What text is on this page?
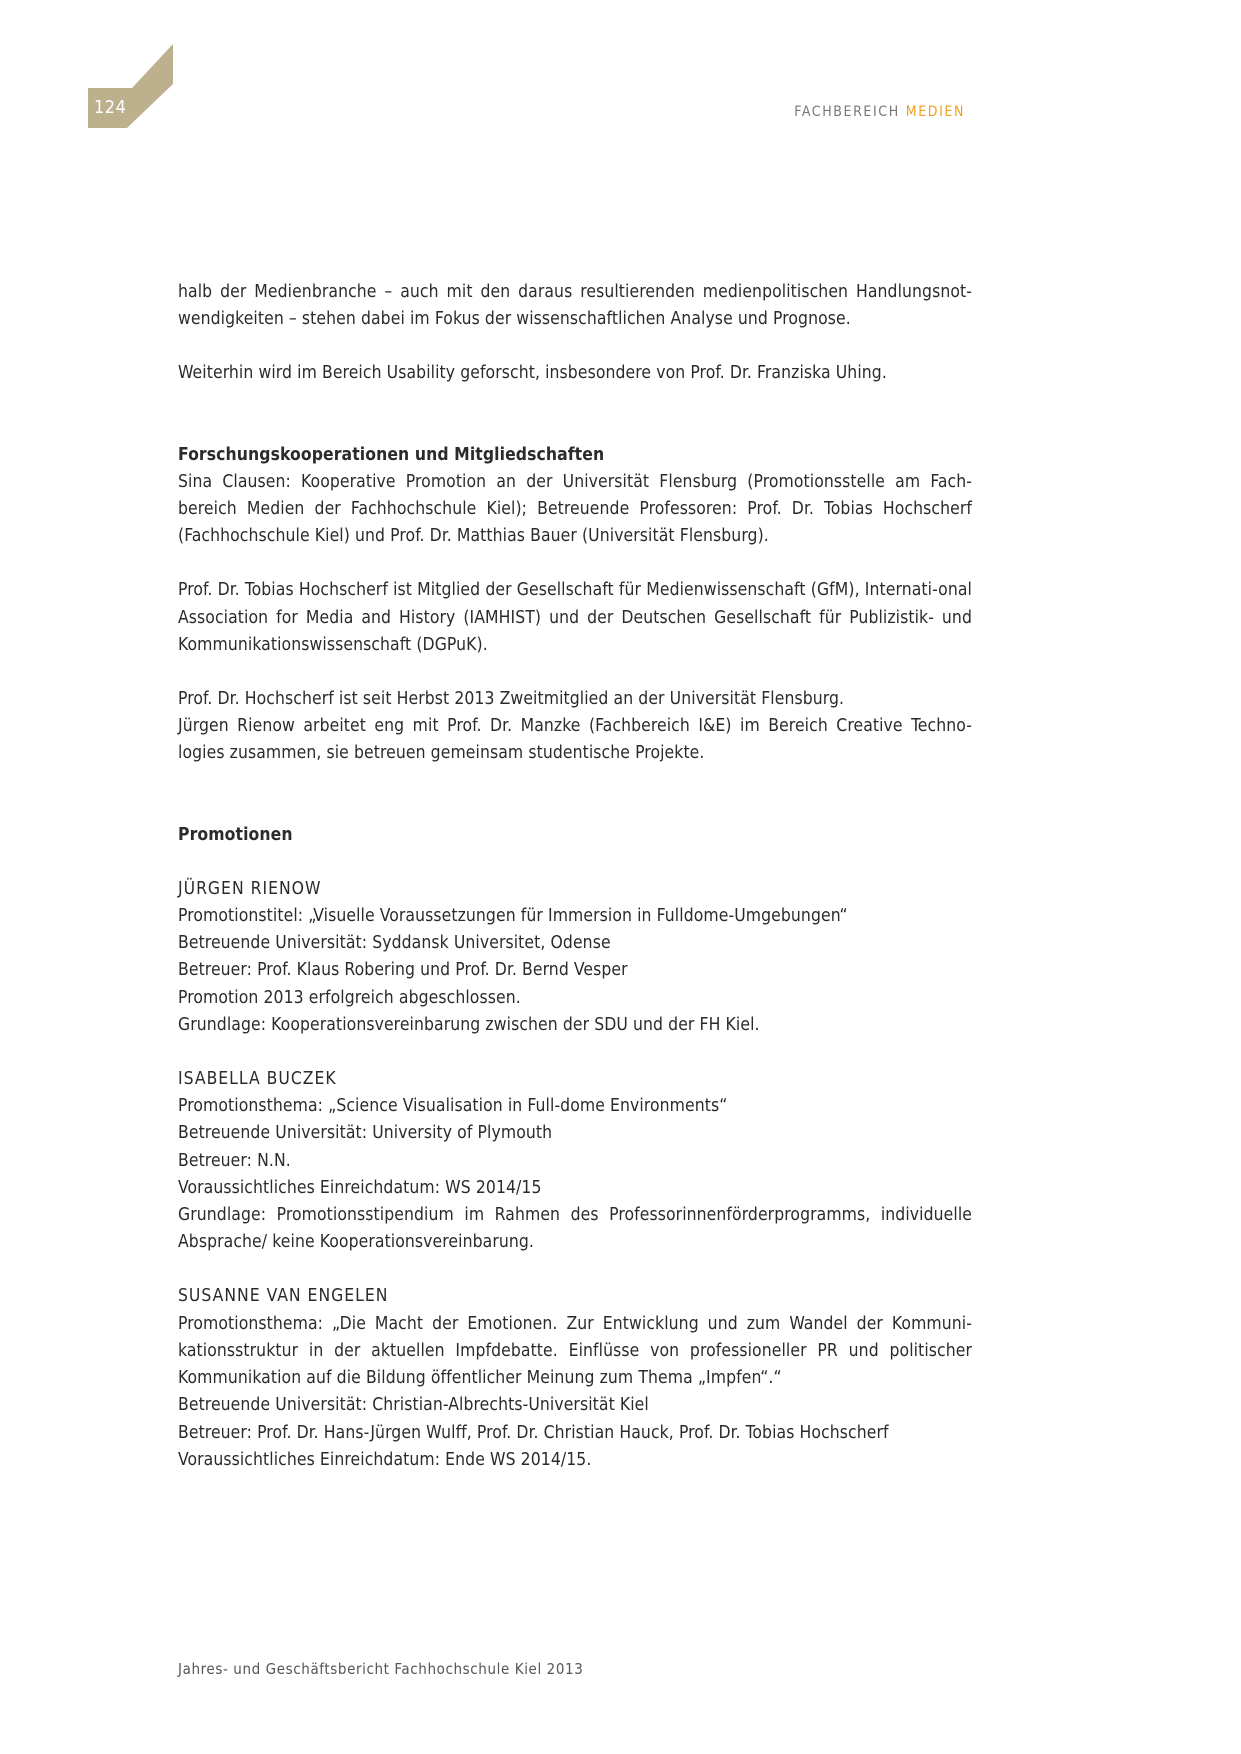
124	FACHBEREICH MEDIEN

halb der Medienbranche – auch mit den daraus resultierenden medienpolitischen Handlungsnot-wendigkeiten – stehen dabei im Fokus der wissenschaftlichen Analyse und Prognose.

Weiterhin wird im Bereich Usability geforscht, insbesondere von Prof. Dr. Franziska Uhing.

Forschungskooperationen und Mitgliedschaften

Sina Clausen: Kooperative Promotion an der Universität Flensburg (Promotionsstelle am Fach-bereich Medien der Fachhochschule Kiel); Betreuende Professoren: Prof. Dr. Tobias Hochscherf (Fachhochschule Kiel) und Prof. Dr. Matthias Bauer (Universität Flensburg).

Prof. Dr. Tobias Hochscherf ist Mitglied der Gesellschaft für Medienwissenschaft (GfM), Internati-onal Association for Media and History (IAMHIST) und der Deutschen Gesellschaft für Publizistik- und Kommunikationswissenschaft (DGPuK).

Prof. Dr. Hochscherf ist seit Herbst 2013 Zweitmitglied an der Universität Flensburg.

Jürgen Rienow arbeitet eng mit Prof. Dr. Manzke (Fachbereich I&E) im Bereich Creative Techno-logies zusammen, sie betreuen gemeinsam studentische Projekte.

Promotionen

JÜRGEN RIENOW

Promotionstitel: „Visuelle Voraussetzungen für Immersion in Fulldome-Umgebungen“

Betreuende Universität: Syddansk Universitet, Odense

Betreuer: Prof. Klaus Robering und Prof. Dr. Bernd Vesper

Promotion 2013 erfolgreich abgeschlossen.

Grundlage: Kooperationsvereinbarung zwischen der SDU und der FH Kiel.

ISABELLA BUCZEK

Promotionsthema: „Science Visualisation in Full-dome Environments“

Betreuende Universität: University of Plymouth

Betreuer: N.N.

Voraussichtliches Einreichdatum: WS 2014/15

Grundlage: Promotionsstipendium im Rahmen des Professorinnenförderprogramms, individuelle Absprache/ keine Kooperationsvereinbarung.

SUSANNE VAN ENGELEN

Promotionsthema: „Die Macht der Emotionen. Zur Entwicklung und zum Wandel der Kommuni-kationsstruktur in der aktuellen Impfdebatte. Einflüsse von professioneller PR und politischer Kommunikation auf die Bildung öffentlicher Meinung zum Thema „Impfen“.“

Betreuende Universität: Christian-Albrechts-Universität Kiel

Betreuer: Prof. Dr. Hans-Jürgen Wulff, Prof. Dr. Christian Hauck, Prof. Dr. Tobias Hochscherf

Voraussichtliches Einreichdatum: Ende WS 2014/15.

Jahres- und Geschäftsbericht Fachhochschule Kiel 2013
